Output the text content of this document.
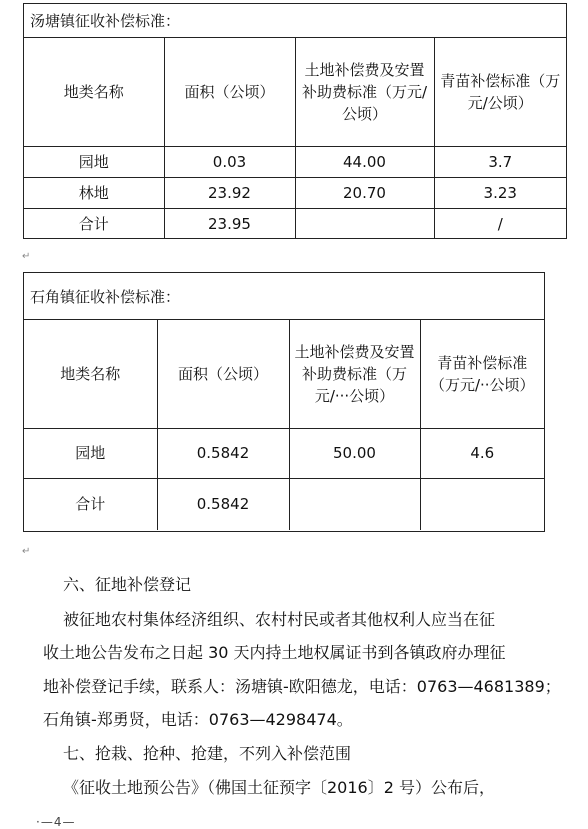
汤塘镇征收补偿标准：
地类名称	面积（公顷）	土地补偿费及安置补助费标准（万元/公顷）	青苗补偿标准（万元/公顷）
园地	0.03	44.00	3.7
林地	23.92	20.70	3.23
合计	23.95		/
石角镇征收补偿标准：
地类名称	面积（公顷）	土地补偿费及安置补助费标准（万元/···公顷）	青苗补偿标准（万元/··公顷）
园地	0.5842	50.00	4.6
合计	0.5842		
↵
↵
六、征地补偿登记
被征地农村集体经济组织、农村村民或者其他权利人应当在征
收土地公告发布之日起 30 天内持土地权属证书到各镇政府办理征
地补偿登记手续，联系人：汤塘镇-欧阳德龙，电话：0763—4681389；
石角镇-郑勇贤，电话：0763—4298474。
七、抢栽、抢种、抢建，不列入补偿范围
《征收土地预公告》（佛国土征预字〔2016〕2 号）公布后，
·—4—
